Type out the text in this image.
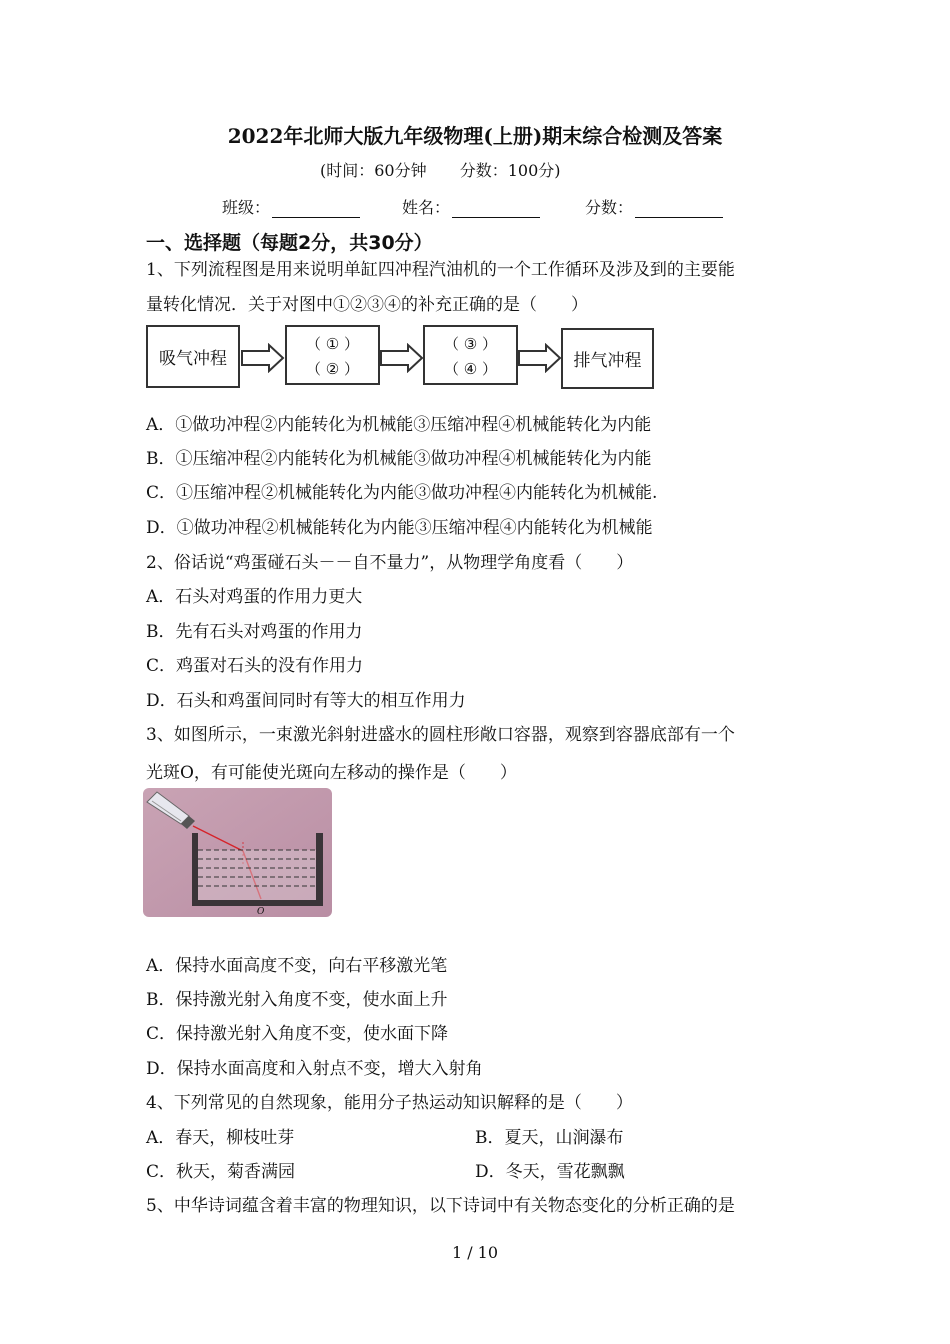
2022年北师大版九年级物理(上册)期末综合检测及答案
(时间：60分钟 分数：100分)
班级：	姓名：	分数：
一、选择题（每题2分，共30分）
1、下列流程图是用来说明单缸四冲程汽油机的一个工作循环及涉及到的主要能
量转化情况．关于对图中①②③④的补充正确的是（　　）
吸气冲程
（ ① ）
（ ② ）
（ ③ ）
（ ④ ）	排气冲程
A．①做功冲程②内能转化为机械能③压缩冲程④机械能转化为内能
B．①压缩冲程②内能转化为机械能③做功冲程④机械能转化为内能
C．①压缩冲程②机械能转化为内能③做功冲程④内能转化为机械能.
D．①做功冲程②机械能转化为内能③压缩冲程④内能转化为机械能
2、俗话说“鸡蛋碰石头－－自不量力”，从物理学角度看（　　）
A．石头对鸡蛋的作用力更大
B．先有石头对鸡蛋的作用力
C．鸡蛋对石头的没有作用力
D．石头和鸡蛋间同时有等大的相互作用力
3、如图所示，一束激光斜射进盛水的圆柱形敞口容器，观察到容器底部有一个
光斑O，有可能使光斑向左移动的操作是（　　）
O
A．保持水面高度不变，向右平移激光笔
B．保持激光射入角度不变，使水面上升
C．保持激光射入角度不变，使水面下降
D．保持水面高度和入射点不变，增大入射角
4、下列常见的自然现象，能用分子热运动知识解释的是（　　）
A．春天，柳枝吐芽	B．夏天，山涧瀑布
C．秋天，菊香满园	D．冬天，雪花飘飘
5、中华诗词蕴含着丰富的物理知识，以下诗词中有关物态变化的分析正确的是
1 / 10
